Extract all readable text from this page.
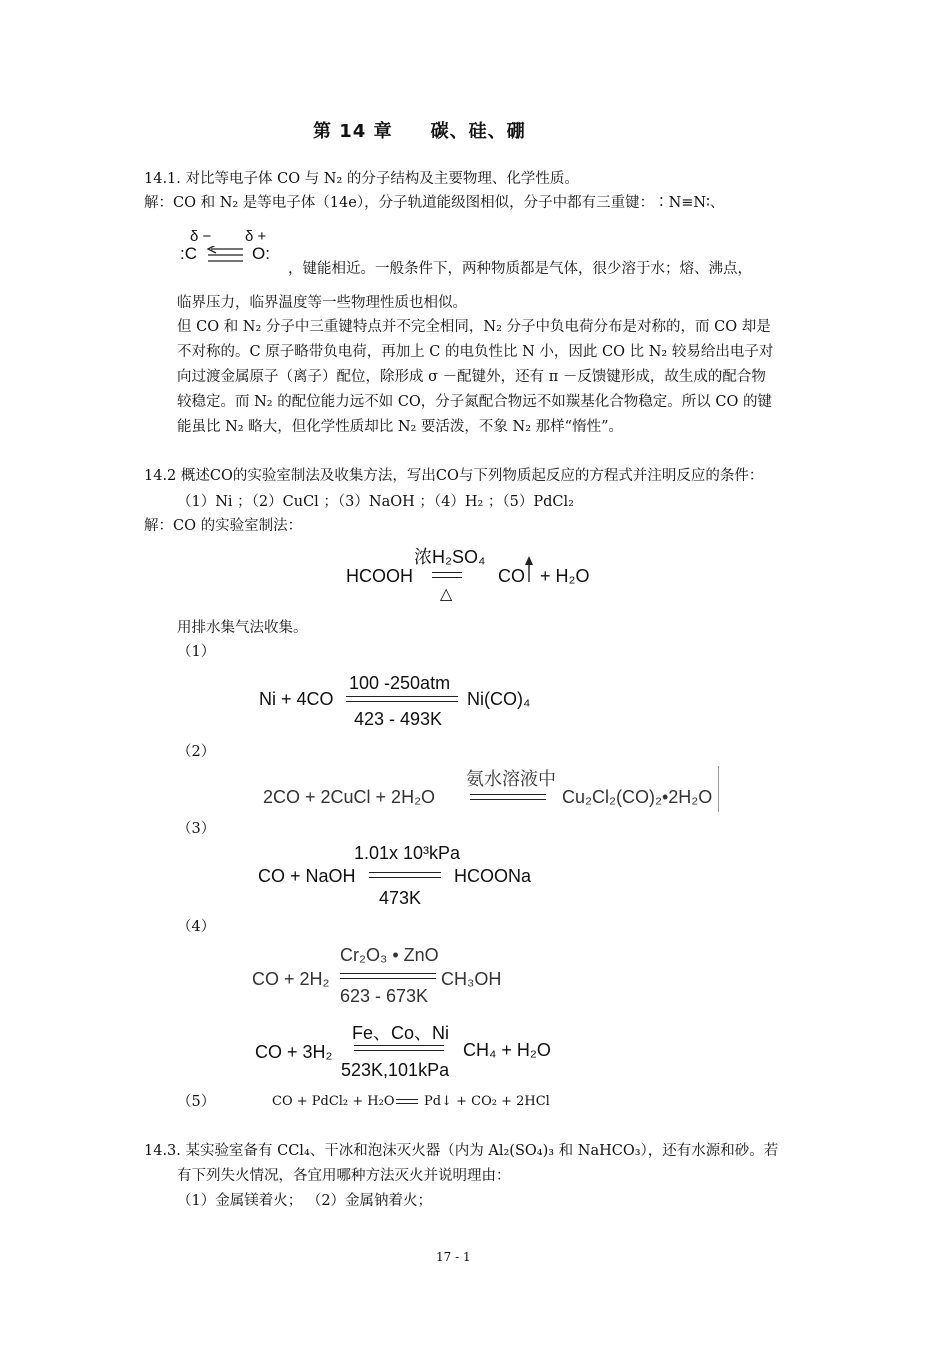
第 14 章　　碳、硅、硼
14.1. 对比等电子体 CO 与 N₂ 的分子结构及主要物理、化学性质。
解：CO 和 N₂ 是等电子体（14e），分子轨道能级图相似，分子中都有三重键：∶N≡N∶、
δ − δ +
:C	O:
，键能相近。一般条件下，两种物质都是气体，很少溶于水；熔、沸点，
临界压力，临界温度等一些物理性质也相似。
但 CO 和 N₂ 分子中三重键特点并不完全相同，N₂ 分子中负电荷分布是对称的，而 CO 却是
不对称的。C 原子略带负电荷，再加上 C 的电负性比 N 小，因此 CO 比 N₂ 较易给出电子对
向过渡金属原子（离子）配位，除形成 σ －配键外，还有 π －反馈键形成，故生成的配合物
较稳定。而 N₂ 的配位能力远不如 CO，分子氮配合物远不如羰基化合物稳定。所以 CO 的键
能虽比 N₂ 略大，但化学性质却比 N₂ 要活泼，不象 N₂ 那样“惰性”。
14.2 概述CO的实验室制法及收集方法，写出CO与下列物质起反应的方程式并注明反应的条件：
（1）Ni ；（2）CuCl ；（3）NaOH ；（4）H₂ ；（5）PdCl₂
解：CO 的实验室制法：
HCOOH
浓H₂SO₄
△
CO + H₂O
用排水集气法收集。
（1）
Ni + 4CO
100 -250atm
423 - 493K
Ni(CO)₄
（2）
2CO + 2CuCl + 2H₂O
氨水溶液中
Cu₂Cl₂(CO)₂•2H₂O
（3）
CO + NaOH
1.01x 10³kPa
473K
HCOONa
（4）
CO + 2H₂
Cr₂O₃ • ZnO
623 - 673K
CH₃OH
CO + 3H₂
Fe、Co、Ni
523K,101kPa
CH₄ + H₂O
（5）	CO + PdCl₂ + H₂O Pd↓ + CO₂ + 2HCl
14.3. 某实验室备有 CCl₄、干冰和泡沫灭火器（内为 Al₂(SO₄)₃ 和 NaHCO₃），还有水源和砂。若
有下列失火情况，各宜用哪种方法灭火并说明理由：
（1）金属镁着火； （2）金属钠着火；
17 - 1
